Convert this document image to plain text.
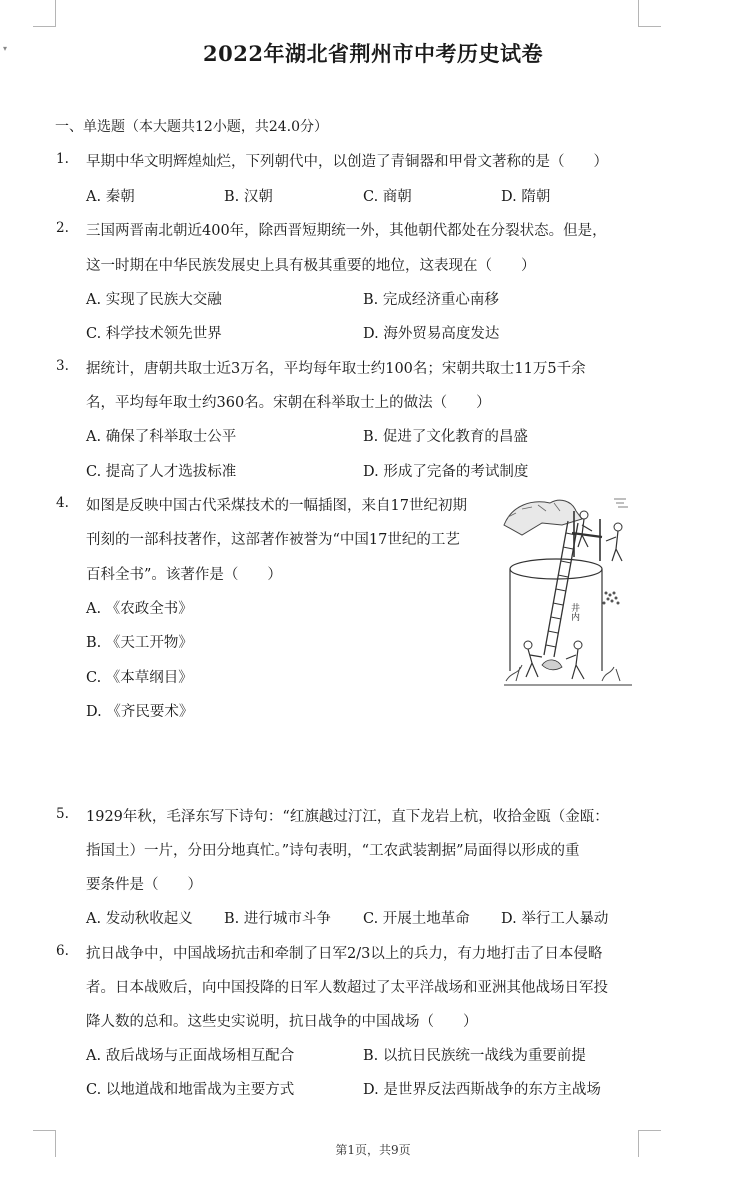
▾	2022年湖北省荆州市中考历史试卷
一、单选题（本大题共12小题，共24.0分）
1. 早期中华文明辉煌灿烂，下列朝代中，以创造了青铜器和甲骨文著称的是（　　）
A. 秦朝	B. 汉朝	C. 商朝	D. 隋朝
2. 三国两晋南北朝近400年，除西晋短期统一外，其他朝代都处在分裂状态。但是，
这一时期在中华民族发展史上具有极其重要的地位，这表现在（　　）
A. 实现了民族大交融	B. 完成经济重心南移
C. 科学技术领先世界	D. 海外贸易高度发达
3. 据统计，唐朝共取士近3万名，平均每年取士约100名；宋朝共取士11万5千余
名，平均每年取士约360名。宋朝在科举取士上的做法（　　）
A. 确保了科举取士公平	B. 促进了文化教育的昌盛
C. 提高了人才选拔标准	D. 形成了完备的考试制度
4. 如图是反映中国古代采煤技术的一幅插图，来自17世纪初期
刊刻的一部科技著作，这部著作被誉为“中国17世纪的工艺
百科全书”。该著作是（　　）
A. 《农政全书》
B. 《天工开物》
C. 《本草纲目》
D. 《齐民要术》
井内
5. 1929年秋，毛泽东写下诗句：“红旗越过汀江，直下龙岩上杭，收拾金瓯（金瓯：
指国土）一片，分田分地真忙。”诗句表明，“工农武装割据”局面得以形成的重
要条件是（　　）
A. 发动秋收起义 B. 进行城市斗争 C. 开展土地革命 D. 举行工人暴动
6. 抗日战争中，中国战场抗击和牵制了日军2/3以上的兵力，有力地打击了日本侵略
者。日本战败后，向中国投降的日军人数超过了太平洋战场和亚洲其他战场日军投
降人数的总和。这些史实说明，抗日战争的中国战场（　　）
A. 敌后战场与正面战场相互配合	B. 以抗日民族统一战线为重要前提
C. 以地道战和地雷战为主要方式	D. 是世界反法西斯战争的东方主战场
第1页，共9页
